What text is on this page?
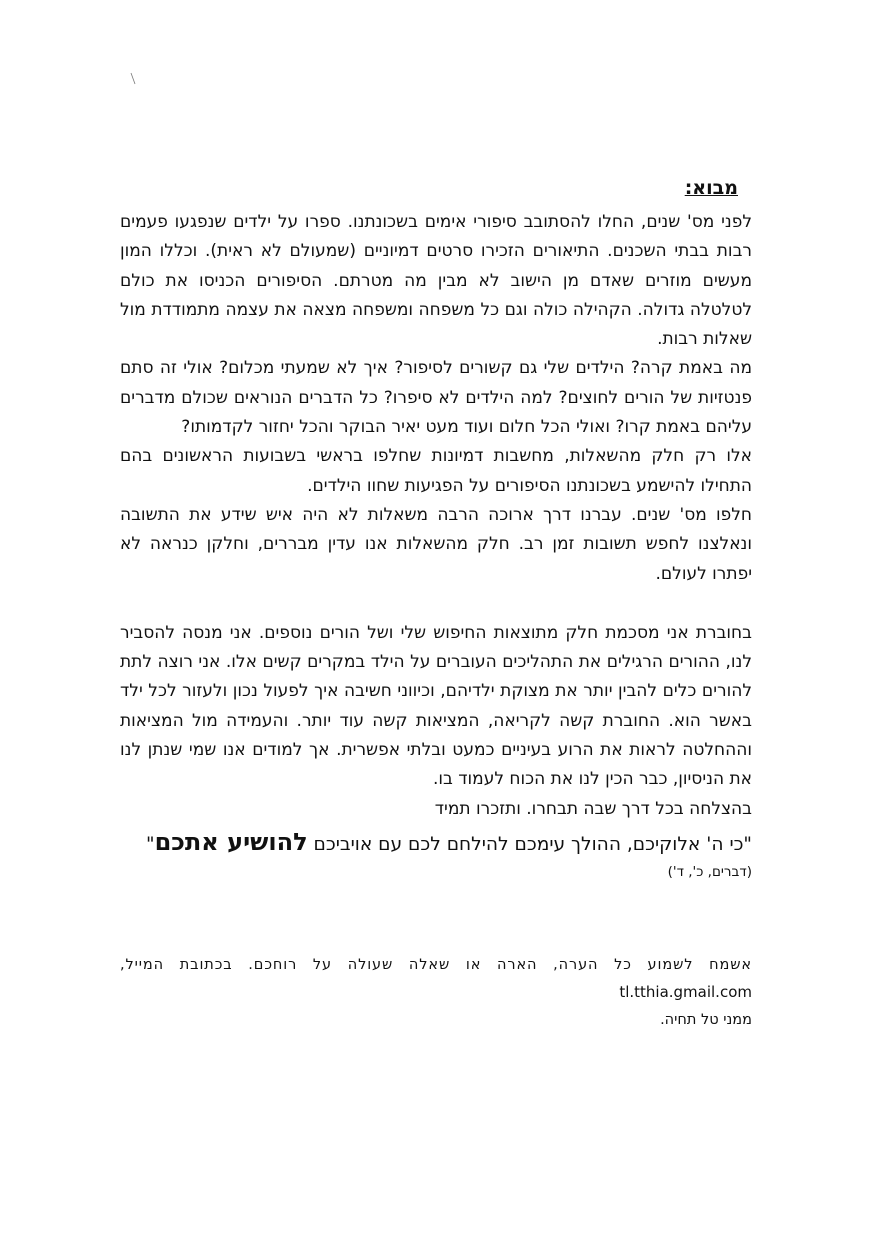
מבוא:

לפני מס' שנים, החלו להסתובב סיפורי אימים בשכונתנו. ספרו על ילדים שנפגעו פעמים רבות בבתי השכנים. התיאורים הזכירו סרטים דמיוניים (שמעולם לא ראית). וכללו המון מעשים מוזרים שאדם מן הישוב לא מבין מה מטרתם. הסיפורים הכניסו את כולם לטלטלה גדולה. הקהילה כולה וגם כל משפחה ומשפחה מצאה את עצמה מתמודדת מול שאלות רבות.

מה באמת קרה? הילדים שלי גם קשורים לסיפור? איך לא שמעתי מכלום? אולי זה סתם פנטזיות של הורים לחוצים? למה הילדים לא סיפרו? כל הדברים הנוראים שכולם מדברים עליהם באמת קרו? ואולי הכל חלום ועוד מעט יאיר הבוקר והכל יחזור לקדמותו?

אלו רק חלק מהשאלות, מחשבות דמיונות שחלפו בראשי בשבועות הראשונים בהם התחילו להישמע בשכונתנו הסיפורים על הפגיעות שחוו הילדים.

חלפו מס' שנים. עברנו דרך ארוכה הרבה משאלות לא היה איש שידע את התשובה ונאלצנו לחפש תשובות זמן רב. חלק מהשאלות אנו עדין מבררים, וחלקן כנראה לא יפתרו לעולם.

בחוברת אני מסכמת חלק מתוצאות החיפוש שלי ושל הורים נוספים. אני מנסה להסביר לנו, ההורים הרגילים את התהליכים העוברים על הילד במקרים קשים אלו. אני רוצה לתת להורים כלים להבין יותר את מצוקת ילדיהם, וכיווני חשיבה איך לפעול נכון ולעזור לכל ילד באשר הוא. החוברת קשה לקריאה, המציאות קשה עוד יותר. והעמידה מול המציאות וההחלטה לראות את הרוע בעיניים כמעט ובלתי אפשרית. אך למודים אנו שמי שנתן לנו את הניסיון, כבר הכין לנו את הכוח לעמוד בו.

בהצלחה בכל דרך שבה תבחרו. ותזכרו תמיד

"כי ה' אלוקיכם, ההולך עימכם להילחם לכם עם אויביכם להושיע אתכם"

(דברים, כ', ד')

אשמח לשמוע כל הערה, הארה או שאלה שעולה על רוחכם. בכתובת המייל,
tl.tthia.gmail.com
ממני טל תחיה.
